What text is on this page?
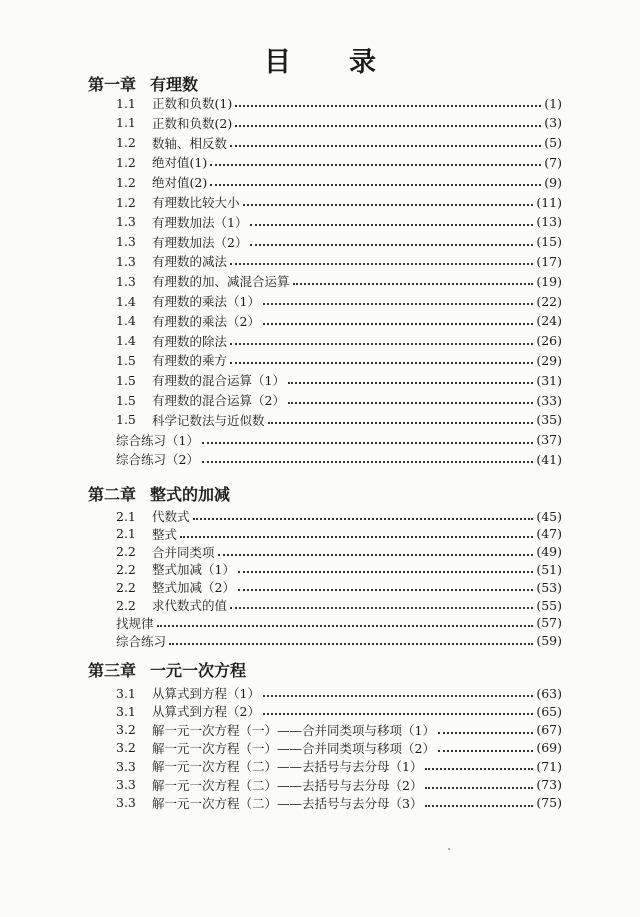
目录
第一章 有理数
1.1	正数和负数(1)	(1)
1.1	正数和负数(2)	(3)
1.2	数轴、相反数	(5)
1.2	绝对值(1)	(7)
1.2	绝对值(2)	(9)
1.2	有理数比较大小	(11)
1.3	有理数加法（1）	(13)
1.3	有理数加法（2）	(15)
1.3	有理数的减法	(17)
1.3	有理数的加、减混合运算	(19)
1.4	有理数的乘法（1）	(22)
1.4	有理数的乘法（2）	(24)
1.4	有理数的除法	(26)
1.5	有理数的乘方	(29)
1.5	有理数的混合运算（1）	(31)
1.5	有理数的混合运算（2）	(33)
1.5	科学记数法与近似数	(35)
综合练习（1）	(37)
综合练习（2）	(41)
第二章 整式的加减
2.1	代数式	(45)
2.1	整式	(47)
2.2	合并同类项	(49)
2.2	整式加减（1）	(51)
2.2	整式加减（2）	(53)
2.2	求代数式的值	(55)
找规律	(57)
综合练习	(59)
第三章 一元一次方程
3.1	从算式到方程（1）	(63)
3.1	从算式到方程（2）	(65)
3.2	解一元一次方程（一）——合并同类项与移项（1）	(67)
3.2	解一元一次方程（一）——合并同类项与移项（2）	(69)
3.3	解一元一次方程（二）——去括号与去分母（1）	(71)
3.3	解一元一次方程（二）——去括号与去分母（2）	(73)
3.3	解一元一次方程（二）——去括号与去分母（3）	(75)
